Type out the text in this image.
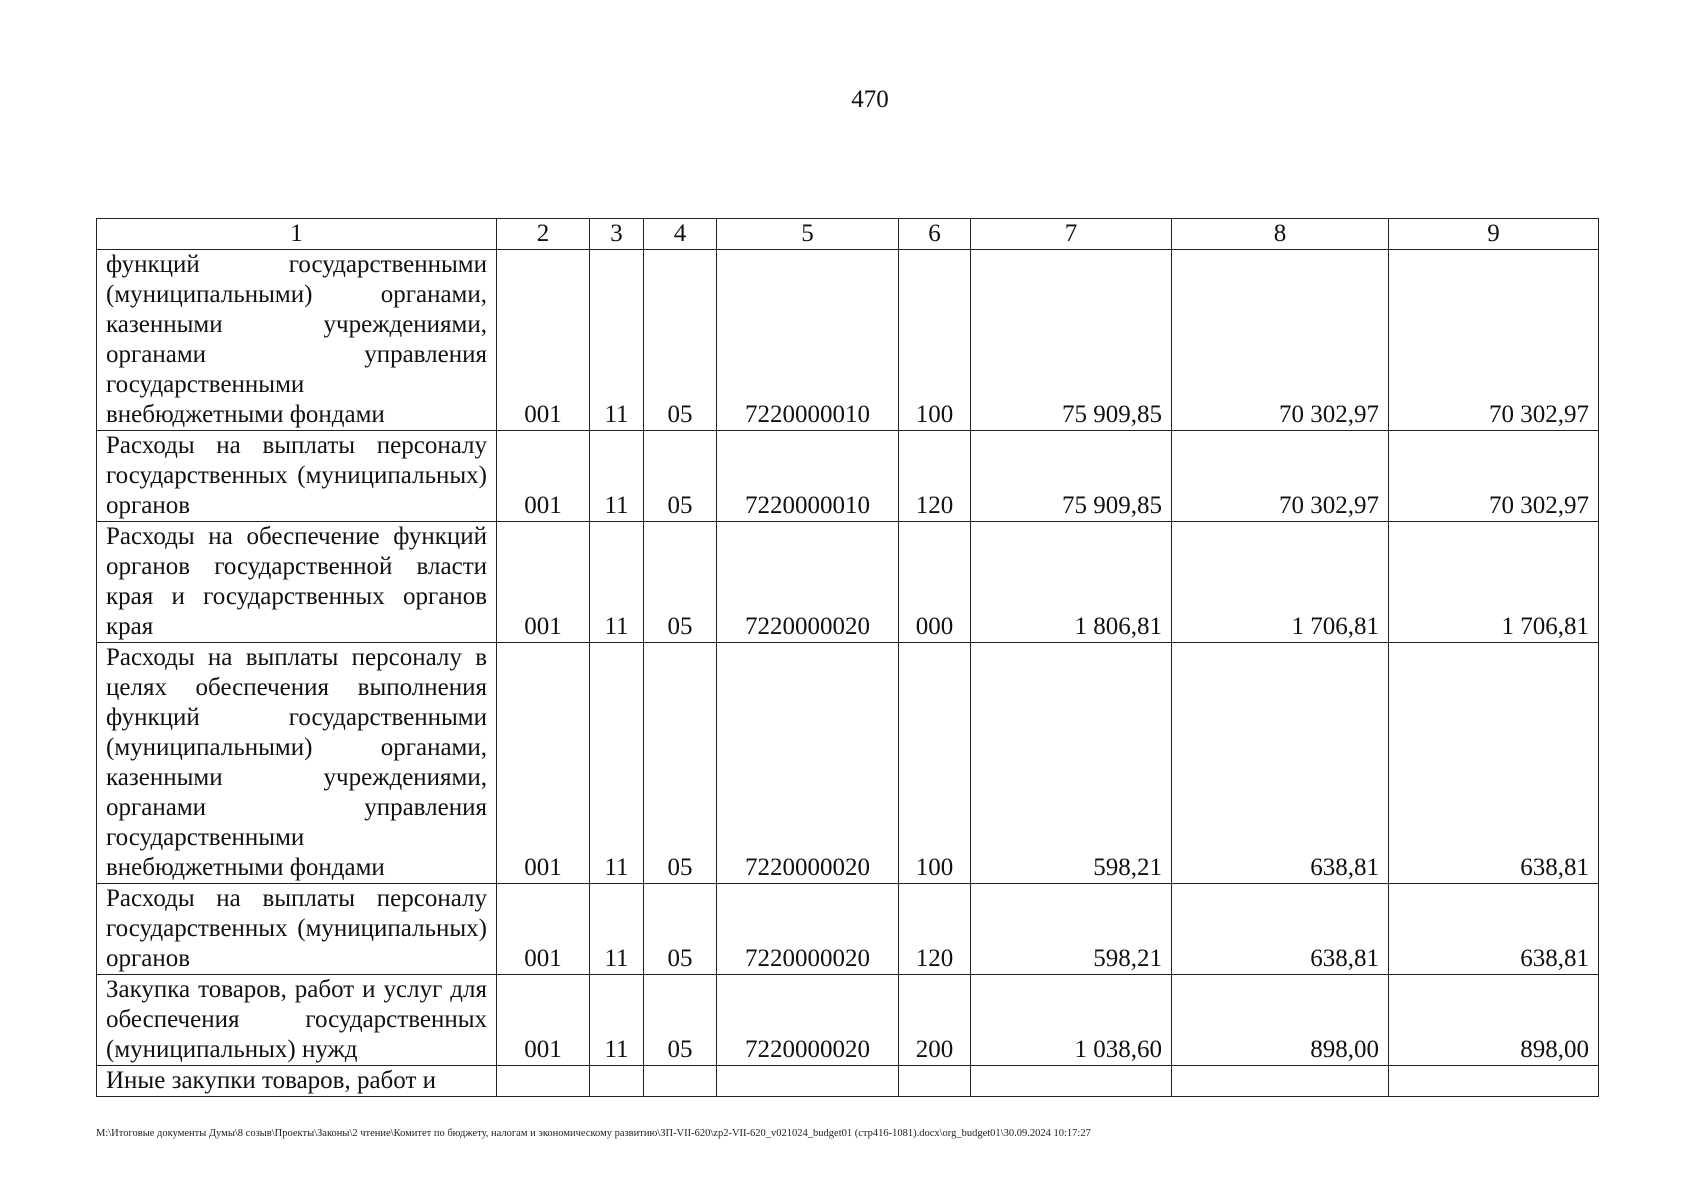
470
1	2	3	4	5	6	7	8	9
функций государственными (муниципальными) органами, казенными учреждениями, органами управления государственными внебюджетными фондами	001	11	05	7220000010	100	75 909,85	70 302,97	70 302,97
Расходы на выплаты персоналу государственных (муниципальных) органов	001	11	05	7220000010	120	75 909,85	70 302,97	70 302,97
Расходы на обеспечение функций органов государственной власти края и государственных органов края	001	11	05	7220000020	000	1 806,81	1 706,81	1 706,81
Расходы на выплаты персоналу в целях обеспечения выполнения функций государственными (муниципальными) органами, казенными учреждениями, органами управления государственными внебюджетными фондами	001	11	05	7220000020	100	598,21	638,81	638,81
Расходы на выплаты персоналу государственных (муниципальных) органов	001	11	05	7220000020	120	598,21	638,81	638,81
Закупка товаров, работ и услуг для обеспечения государственных (муниципальных) нужд	001	11	05	7220000020	200	1 038,60	898,00	898,00
Иные закупки товаров, работ и								
M:\Итоговые документы Думы\8 созыв\Проекты\Законы\2 чтение\Комитет по бюджету, налогам и экономическому развитию\ЗП-VII-620\zp2-VII-620_v021024_budget01 (стр416-1081).docx\org_budget01\30.09.2024 10:17:27
